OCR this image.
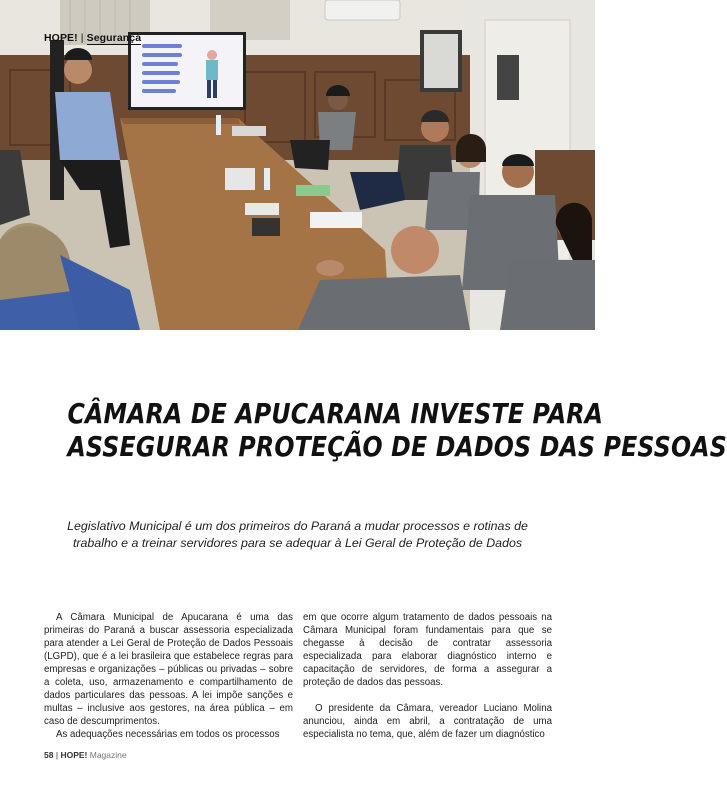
HOPE! | Segurança
CÂMARA DE APUCARANA INVESTE PARA
ASSEGURAR PROTEÇÃO DE DADOS DAS PESSOAS
Legislativo Municipal é um dos primeiros do Paraná a mudar processos e rotinas de trabalho e a treinar servidores para se adequar à Lei Geral de Proteção de Dados

A Câmara Municipal de Apucarana é uma das primeiras do Paraná a buscar assessoria especializada para atender a Lei Geral de Proteção de Dados Pessoais (LGPD), que é a lei brasileira que estabelece regras para empresas e organizações – públicas ou privadas – sobre a coleta, uso, armazenamento e compartilhamento de dados particulares das pessoas. A lei impõe sanções e multas – inclusive aos gestores, na área pública – em caso de descumprimentos.

As adequações necessárias em todos os processos

em que ocorre algum tratamento de dados pessoais na Câmara Municipal foram fundamentais para que se chegasse à decisão de contratar assessoria especializada para elaborar diagnóstico interno e capacitação de servidores, de forma a assegurar a proteção de dados das pessoas.

O presidente da Câmara, vereador Luciano Molina anunciou, ainda em abril, a contratação de uma especialista no tema, que, além de fazer um diagnóstico

58 | HOPE! Magazine
